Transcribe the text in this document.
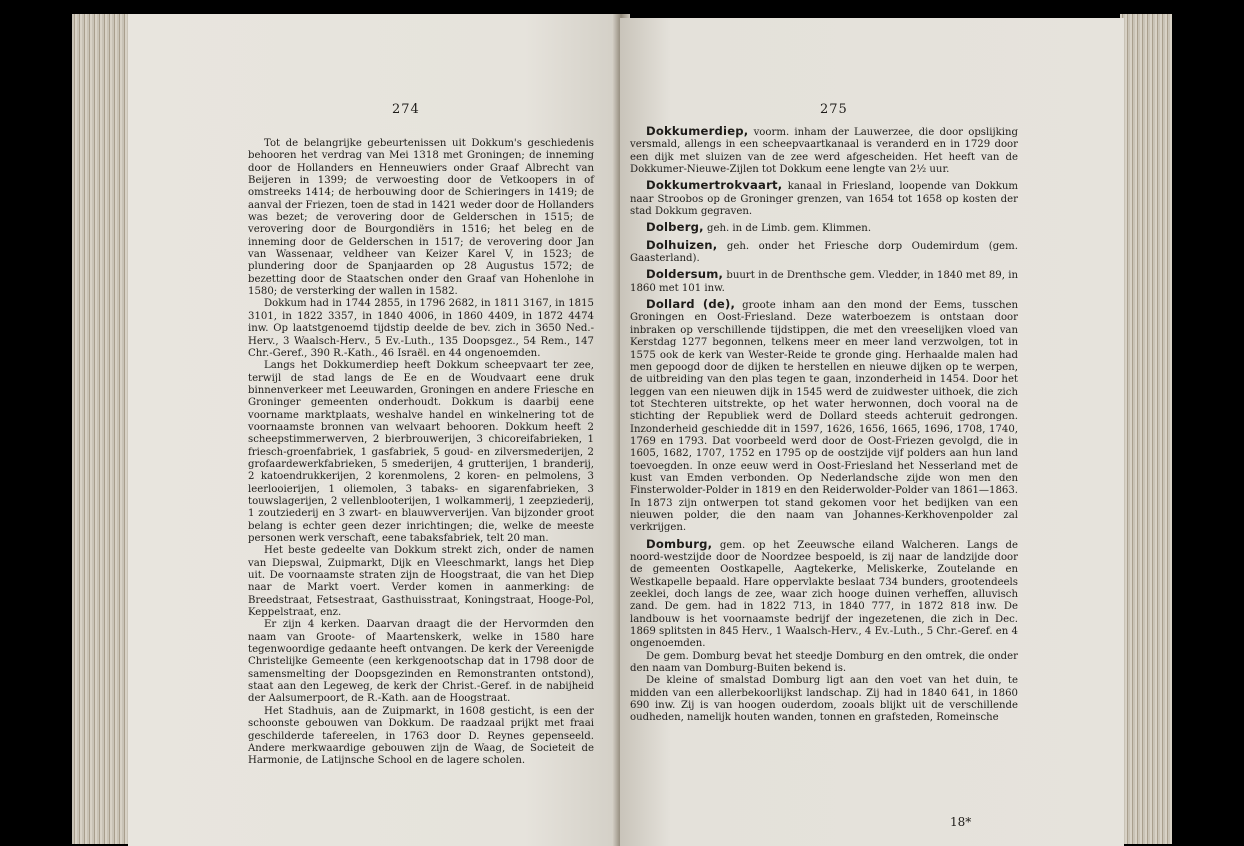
274

Tot de belangrijke gebeurtenissen uit Dokkum's geschiedenis behooren het verdrag van Mei 1318 met Groningen; de inneming door de Hollanders en Henneuwiers onder Graaf Albrecht van Beijeren in 1399; de verwoesting door de Vetkoopers in of omstreeks 1414; de herbouwing door de Schieringers in 1419; de aanval der Friezen, toen de stad in 1421 weder door de Hollanders was bezet; de verovering door de Gelderschen in 1515; de verovering door de Bourgondiërs in 1516; het beleg en de inneming door de Gelderschen in 1517; de verovering door Jan van Wassenaar, veldheer van Keizer Karel V, in 1523; de plundering door de Spanjaarden op 28 Augustus 1572; de bezetting door de Staatschen onder den Graaf van Hohenlohe in 1580; de versterking der wallen in 1582.

Dokkum had in 1744 2855, in 1796 2682, in 1811 3167, in 1815 3101, in 1822 3357, in 1840 4006, in 1860 4409, in 1872 4474 inw. Op laatstgenoemd tijdstip deelde de bev. zich in 3650 Ned.-Herv., 3 Waalsch-Herv., 5 Ev.-Luth., 135 Doopsgez., 54 Rem., 147 Chr.-Geref., 390 R.-Kath., 46 Israël. en 44 ongenoemden.

Langs het Dokkumerdiep heeft Dokkum scheepvaart ter zee, terwijl de stad langs de Ee en de Woudvaart eene druk binnenverkeer met Leeuwarden, Groningen en andere Friesche en Groninger gemeenten onderhoudt. Dokkum is daarbij eene voorname marktplaats, weshalve handel en winkelnering tot de voornaamste bronnen van welvaart behooren. Dokkum heeft 2 scheepstimmerwerven, 2 bierbrouwerijen, 3 chicoreifabrieken, 1 friesch-groenfabriek, 1 gasfabriek, 5 goud- en zilversmederijen, 2 grofaardewerkfabrieken, 5 smederijen, 4 grutterijen, 1 branderij, 2 katoendrukkerijen, 2 korenmolens, 2 koren- en pelmolens, 3 leerlooierijen, 1 oliemolen, 3 tabaks- en sigarenfabrieken, 3 touwslagerijen, 2 vellenblooterijen, 1 wolkammerij, 1 zeepziederij, 1 zoutziederij en 3 zwart- en blauwververijen. Van bijzonder groot belang is echter geen dezer inrichtingen; die, welke de meeste personen werk verschaft, eene tabaksfabriek, telt 20 man.

Het beste gedeelte van Dokkum strekt zich, onder de namen van Diepswal, Zuipmarkt, Dijk en Vleeschmarkt, langs het Diep uit. De voornaamste straten zijn de Hoogstraat, die van het Diep naar de Markt voert. Verder komen in aanmerking: de Breedstraat, Fetsestraat, Gasthuisstraat, Koningstraat, Hooge-Pol, Keppelstraat, enz.

Er zijn 4 kerken. Daarvan draagt die der Hervormden den naam van Groote- of Maartenskerk, welke in 1580 hare tegenwoordige gedaante heeft ontvangen. De kerk der Vereenigde Christelijke Gemeente (een kerkgenootschap dat in 1798 door de samensmelting der Doopsgezinden en Remonstranten ontstond), staat aan den Legeweg, de kerk der Christ.-Geref. in de nabijheid der Aalsumerpoort, de R.-Kath. aan de Hoogstraat.

Het Stadhuis, aan de Zuipmarkt, in 1608 gesticht, is een der schoonste gebouwen van Dokkum. De raadzaal prijkt met fraai geschilderde tafereelen, in 1763 door D. Reynes gepenseeld. Andere merkwaardige gebouwen zijn de Waag, de Societeit de Harmonie, de Latijnsche School en de lagere scholen.

275

Dokkumerdiep, voorm. inham der Lauwerzee, die door opslijking versmald, allengs in een scheepvaartkanaal is veranderd en in 1729 door een dijk met sluizen van de zee werd afgescheiden. Het heeft van de Dokkumer-Nieuwe-Zijlen tot Dokkum eene lengte van 2½ uur.

Dokkumertrokvaart, kanaal in Friesland, loopende van Dokkum naar Stroobos op de Groninger grenzen, van 1654 tot 1658 op kosten der stad Dokkum gegraven.

Dolberg, geh. in de Limb. gem. Klimmen.

Dolhuizen, geh. onder het Friesche dorp Oudemirdum (gem. Gaasterland).

Doldersum, buurt in de Drenthsche gem. Vledder, in 1840 met 89, in 1860 met 101 inw.

Dollard (de), groote inham aan den mond der Eems, tusschen Groningen en Oost-Friesland. Deze waterboezem is ontstaan door inbraken op verschillende tijdstippen, die met den vreeselijken vloed van Kerstdag 1277 begonnen, telkens meer en meer land verzwolgen, tot in 1575 ook de kerk van Wester-Reide te gronde ging. Herhaalde malen had men gepoogd door de dijken te herstellen en nieuwe dijken op te werpen, de uitbreiding van den plas tegen te gaan, inzonderheid in 1454. Door het leggen van een nieuwen dijk in 1545 werd de zuidwester uithoek, die zich tot Stechteren uitstrekte, op het water herwonnen, doch vooral na de stichting der Republiek werd de Dollard steeds achteruit gedrongen. Inzonderheid geschiedde dit in 1597, 1626, 1656, 1665, 1696, 1708, 1740, 1769 en 1793. Dat voorbeeld werd door de Oost-Friezen gevolgd, die in 1605, 1682, 1707, 1752 en 1795 op de oostzijde vijf polders aan hun land toevoegden. In onze eeuw werd in Oost-Friesland het Nesserland met de kust van Emden verbonden. Op Nederlandsche zijde won men den Finsterwolder-Polder in 1819 en den Reiderwolder-Polder van 1861—1863. In 1873 zijn ontwerpen tot stand gekomen voor het bedijken van een nieuwen polder, die den naam van Johannes-Kerkhovenpolder zal verkrijgen.

Domburg, gem. op het Zeeuwsche eiland Walcheren. Langs de noord-westzijde door de Noordzee bespoeld, is zij naar de landzijde door de gemeenten Oostkapelle, Aagtekerke, Meliskerke, Zoutelande en Westkapelle bepaald. Hare oppervlakte beslaat 734 bunders, grootendeels zeeklei, doch langs de zee, waar zich hooge duinen verheffen, alluvisch zand. De gem. had in 1822 713, in 1840 777, in 1872 818 inw. De landbouw is het voornaamste bedrijf der ingezetenen, die zich in Dec. 1869 splitsten in 845 Herv., 1 Waalsch-Herv., 4 Ev.-Luth., 5 Chr.-Geref. en 4 ongenoemden.

De gem. Domburg bevat het steedje Domburg en den omtrek, die onder den naam van Domburg-Buiten bekend is.

De kleine of smalstad Domburg ligt aan den voet van het duin, te midden van een allerbekoorlijkst landschap. Zij had in 1840 641, in 1860 690 inw. Zij is van hoogen ouderdom, zooals blijkt uit de verschillende oudheden, namelijk houten wanden, tonnen en grafsteden, Romeinsche

18*
